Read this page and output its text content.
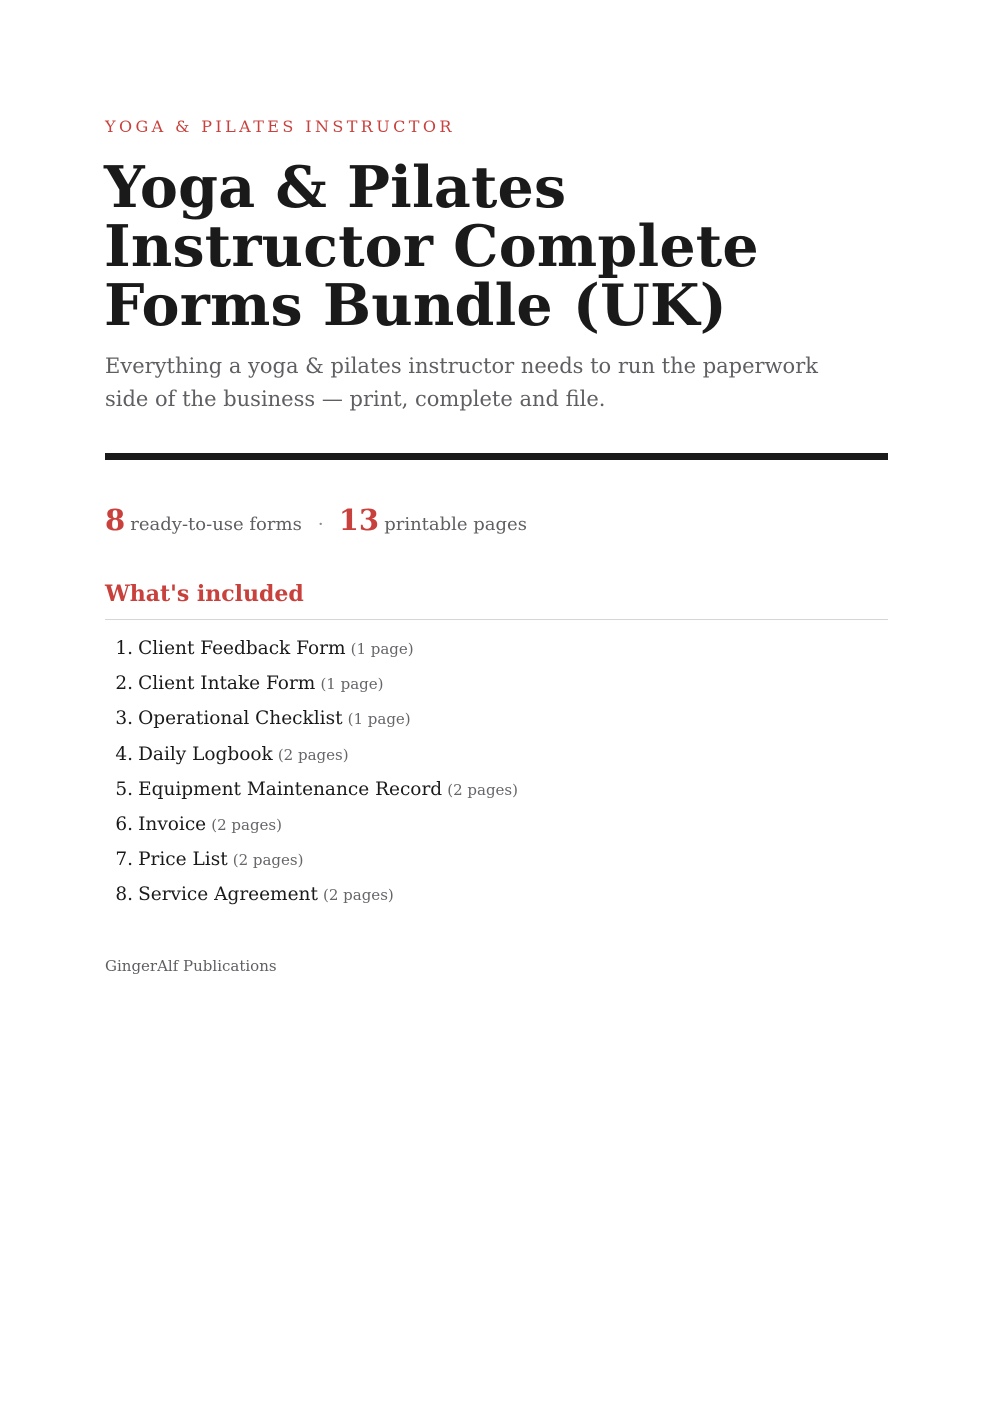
YOGA & PILATES INSTRUCTOR
Yoga & Pilates Instructor Complete Forms Bundle (UK)

Everything a yoga & pilates instructor needs to run the paperwork side of the business — print, complete and file.

8 ready-to-use forms · 13 printable pages
What's included
1. Client Feedback Form (1 page)
2. Client Intake Form (1 page)
3. Operational Checklist (1 page)
4. Daily Logbook (2 pages)
5. Equipment Maintenance Record (2 pages)
6. Invoice (2 pages)
7. Price List (2 pages)
8. Service Agreement (2 pages)
GingerAlf Publications
